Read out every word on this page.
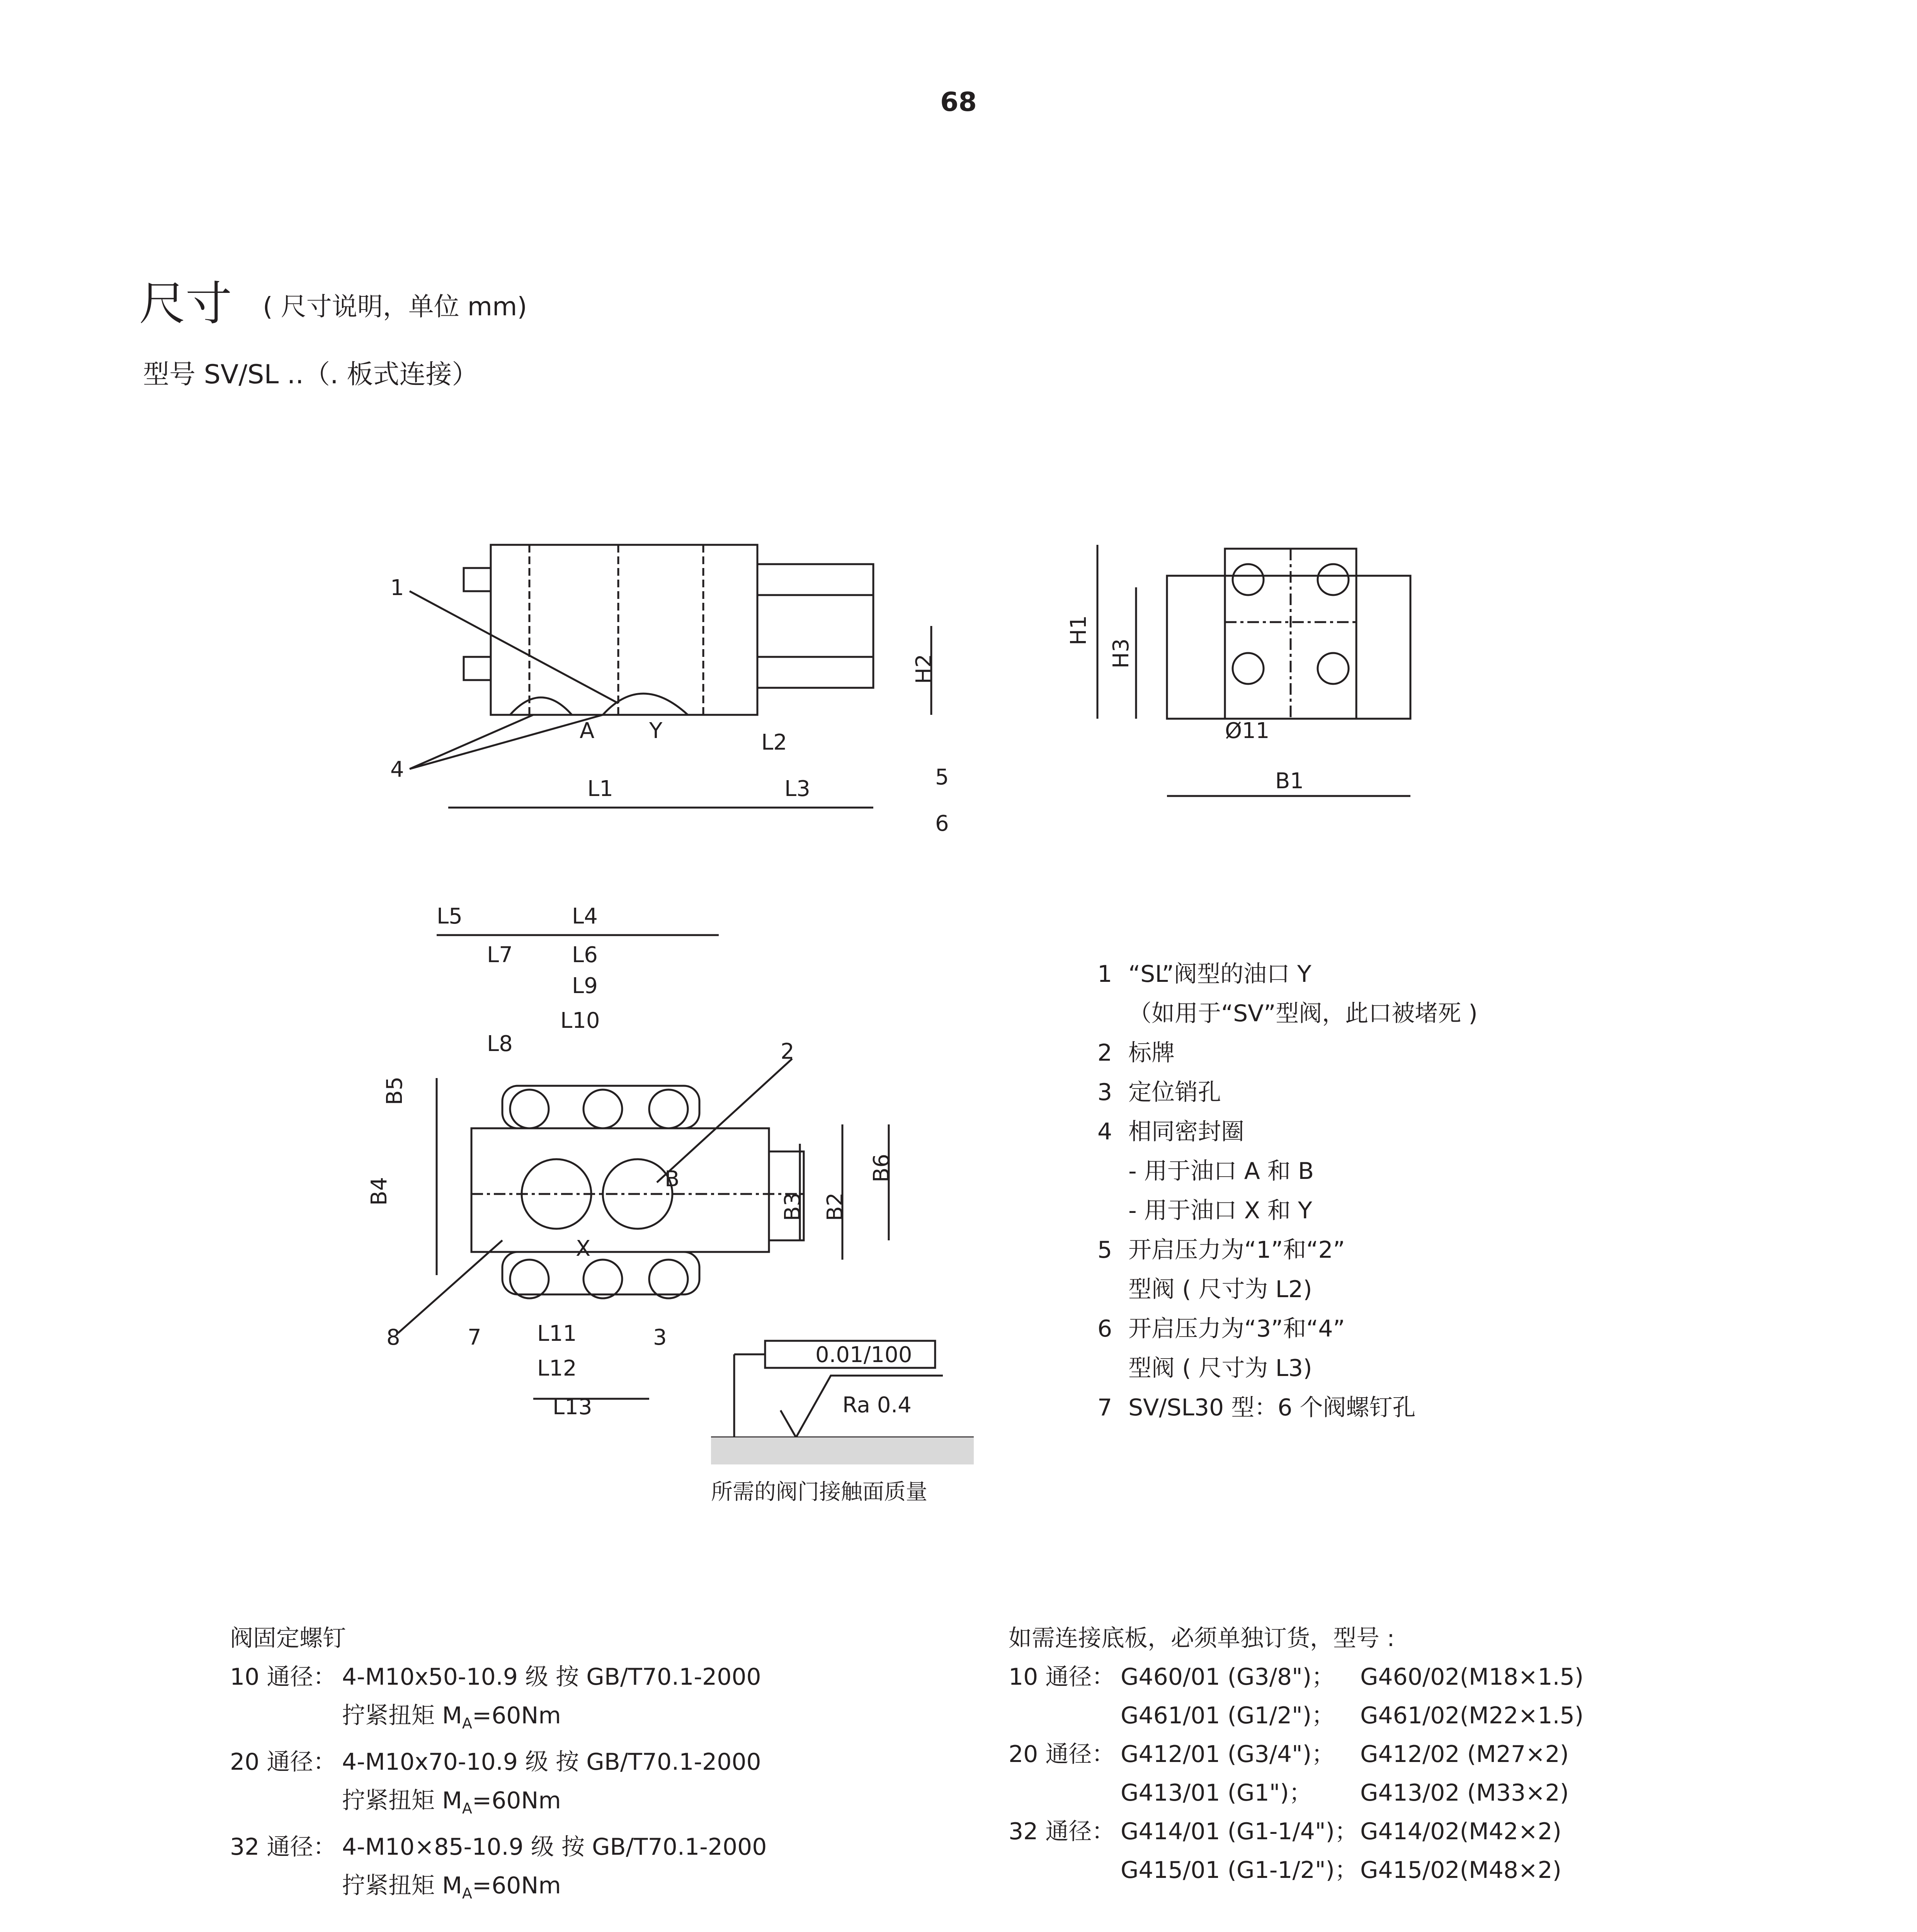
68
尺寸 ( 尺寸说明，单位 mm)
型号 SV/SL ..（. 板式连接）
1
2
3
4	5
6
7
8
A	Y
B
X
L1
L2
L3
L4
L5
L6
L7
L8
L9
L10
L11
L12
L13
H1
H2
H3
B1
B2
B3
B4
B5
B6
Ø11
0.01/100
Ra 0.4
所需的阀门接触面质量
1 “SL”阀型的油口 Y
（如用于“SV”型阀，此口被堵死 )
2 标牌
3 定位销孔
4 相同密封圈
- 用于油口 A 和 B
- 用于油口 X 和 Y
5 开启压力为“1”和“2”
型阀 ( 尺寸为 L2)
6 开启压力为“3”和“4”
型阀 ( 尺寸为 L3)
7 SV/SL30 型：6 个阀螺钉孔
阀固定螺钉
10 通径： 4-M10x50-10.9 级 按 GB/T70.1-2000
拧紧扭矩 $M_A=60Nm$
20 通径： 4-M10x70-10.9 级 按 GB/T70.1-2000
拧紧扭矩 $M_A=60Nm$
32 通径： 4-M10×85-10.9 级 按 GB/T70.1-2000
拧紧扭矩 $M_A=60Nm$
如需连接底板，必须单独订货，型号 :
10 通径： G460/01 (G3/8")；	G460/02(M18×1.5)
G461/01 (G1/2")；	G461/02(M22×1.5)
20 通径： G412/01 (G3/4")；	G412/02 (M27×2)
G413/01 (G1")；	G413/02 (M33×2)
32 通径： G414/01 (G1-1/4")； G414/02(M42×2)
G415/01 (G1-1/2")； G415/02(M48×2)
